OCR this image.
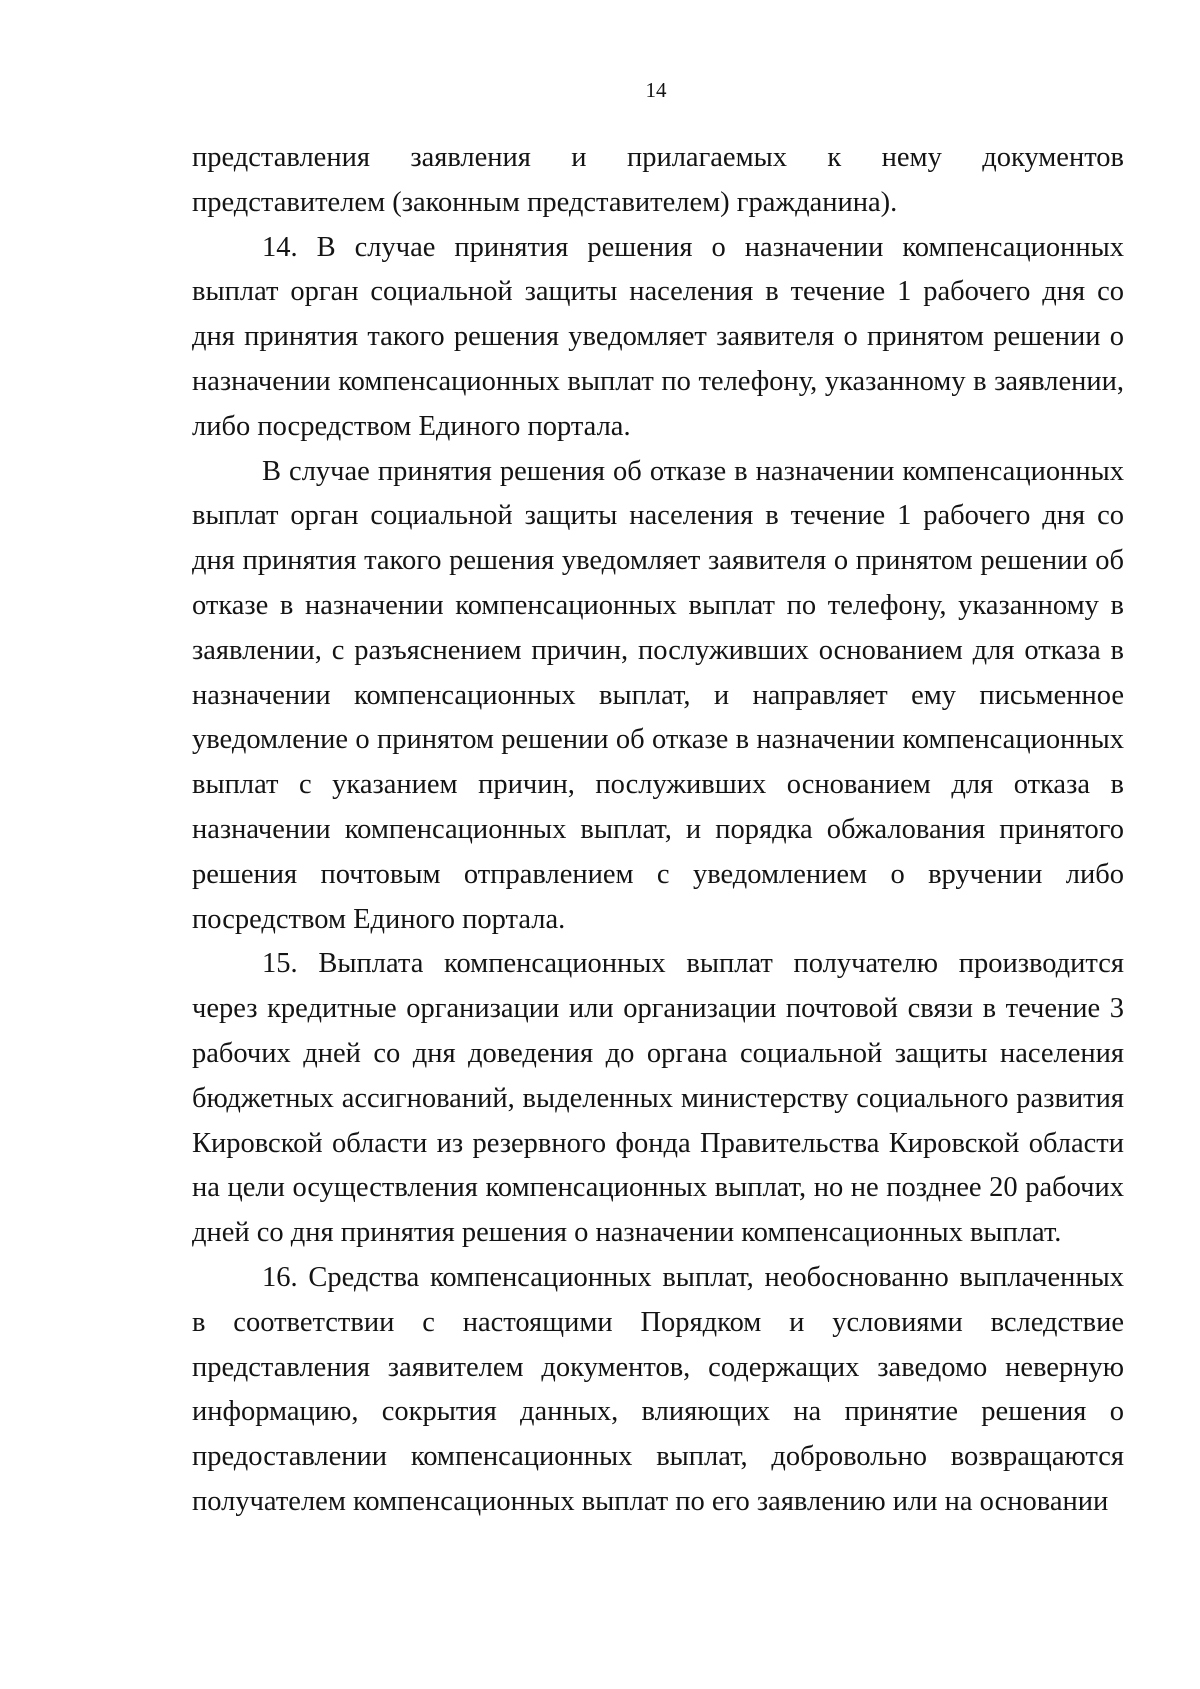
14

представления заявления и прилагаемых к нему документов представителем (законным представителем) гражданина).

14. В случае принятия решения о назначении компенсационных выплат орган социальной защиты населения в течение 1 рабочего дня со дня принятия такого решения уведомляет заявителя о принятом решении о назначении компенсационных выплат по телефону, указанному в заявлении, либо посредством Единого портала.

В случае принятия решения об отказе в назначении компенсационных выплат орган социальной защиты населения в течение 1 рабочего дня со дня принятия такого решения уведомляет заявителя о принятом решении об отказе в назначении компенсационных выплат по телефону, указанному в заявлении, с разъяснением причин, послуживших основанием для отказа в назначении компенсационных выплат, и направляет ему письменное уведомление о принятом решении об отказе в назначении компенсационных выплат с указанием причин, послуживших основанием для отказа в назначении компенсационных выплат, и порядка обжалования принятого решения почтовым отправлением с уведомлением о вручении либо посредством Единого портала.

15. Выплата компенсационных выплат получателю производится через кредитные организации или организации почтовой связи в течение 3 рабочих дней со дня доведения до органа социальной защиты населения бюджетных ассигнований, выделенных министерству социального развития Кировской области из резервного фонда Правительства Кировской области на цели осуществления компенсационных выплат, но не позднее 20 рабочих дней со дня принятия решения о назначении компенсационных выплат.

16. Средства компенсационных выплат, необоснованно выплаченных в соответствии с настоящими Порядком и условиями вследствие представления заявителем документов, содержащих заведомо неверную информацию, сокрытия данных, влияющих на принятие решения о предоставлении компенсационных выплат, добровольно возвращаются получателем компенсационных выплат по его заявлению или на основании
